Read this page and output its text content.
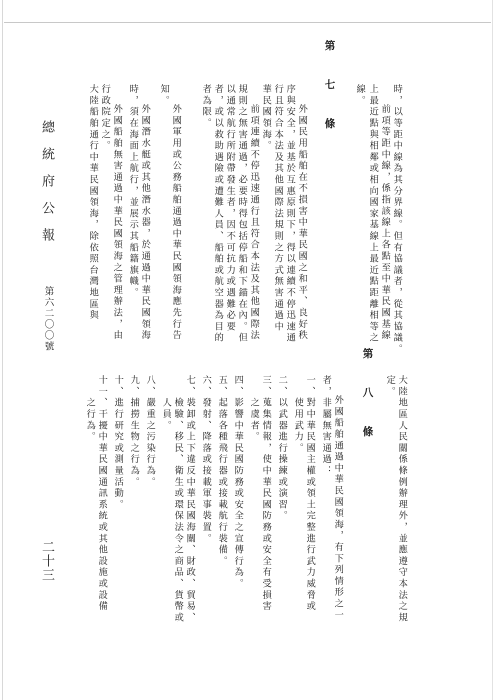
時，以等距中線為其分界線。但有協議者，從其協議。
前項等距中線，係指該線上各點至中華民國基線
上最近點與相鄰或相向國家基線上最近點距離相等之
線。
第　七　條
外國民用船舶在不損害中華民國之和平、良好秩
序與安全，並基於互惠原則下，得以連續不停迅速通
行且符合本法及其他國際法規則之方式無害通過中
華民國領海。
前項連續不停迅速通行且符合本法及其他國際法
規則之無害通過，必要時得包括停船和下錨在內。但
以通常航行所附帶發生者，因不可抗力或遇難必要
者，或以救助遇險或遭難人員、船舶或航空器為目的
者為限。
外國軍用或公務船舶通過中華民國領海應先行告
知。
外國潛水艇或其他潛水器，於通過中華民國領海
時，須在海面上航行，並展示其船籍旗幟。
外國船舶無害通過中華民國領海之管理辦法，由
行政院定之。
大陸船舶通行中華民國領海，除依照台灣地區與
大陸地區人民關係條例辦理外，並應遵守本法之規
定。
第　八　條
外國船舶通過中華民國領海，有下列情形之一
者，非屬無害通過：
一、對中華民國主權或領土完整進行武力威脅或
　　使用武力。
二、以武器進行操練或演習。
三、蒐集情報，使中華民國防務或安全有受損害
　　之虞者。
四、影響中華民國防務或安全之宣傳行為。
五、起落各種飛行器或接載航行裝備。
六、發射、降落或接載軍事裝置。
七、裝卸或上下違反中華民國海關、財政、貿易、
　　檢驗、移民、衛生或環保法令之商品、貨幣或
　　人員。
八、嚴重之污染行為。
九、捕撈生物之行為。
十、進行研究或測量活動。
十一、干擾中華民國通訊系統或其他設施或設備
　　之行為。
總統府公報
第六二〇〇號
二十三
